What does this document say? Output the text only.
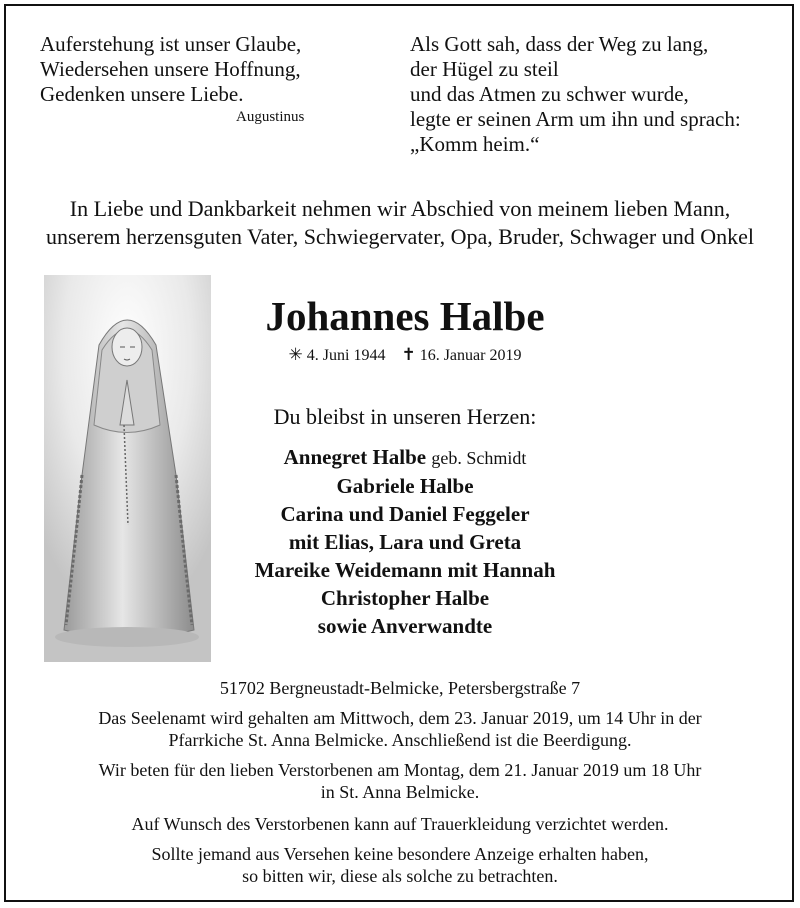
Auferstehung ist unser Glaube,
Wiedersehen unsere Hoffnung,
Gedenken unsere Liebe.
Augustinus
Als Gott sah, dass der Weg zu lang,
der Hügel zu steil
und das Atmen zu schwer wurde,
legte er seinen Arm um ihn und sprach:
„Komm heim.“
In Liebe und Dankbarkeit nehmen wir Abschied von meinem lieben Mann,
unserem herzensguten Vater, Schwiegervater, Opa, Bruder, Schwager und Onkel
Johannes Halbe
✳ 4. Juni 1944 ✝ 16. Januar 2019
Du bleibst in unseren Herzen:
Annegret Halbe geb. Schmidt
Gabriele Halbe
Carina und Daniel Feggeler
mit Elias, Lara und Greta
Mareike Weidemann mit Hannah
Christopher Halbe
sowie Anverwandte
51702 Bergneustadt-Belmicke, Petersbergstraße 7
Das Seelenamt wird gehalten am Mittwoch, dem 23. Januar 2019, um 14 Uhr in der
Pfarrkiche St. Anna Belmicke. Anschließend ist die Beerdigung.
Wir beten für den lieben Verstorbenen am Montag, dem 21. Januar 2019 um 18 Uhr
in St. Anna Belmicke.
Auf Wunsch des Verstorbenen kann auf Trauerkleidung verzichtet werden.
Sollte jemand aus Versehen keine besondere Anzeige erhalten haben,
so bitten wir, diese als solche zu betrachten.
